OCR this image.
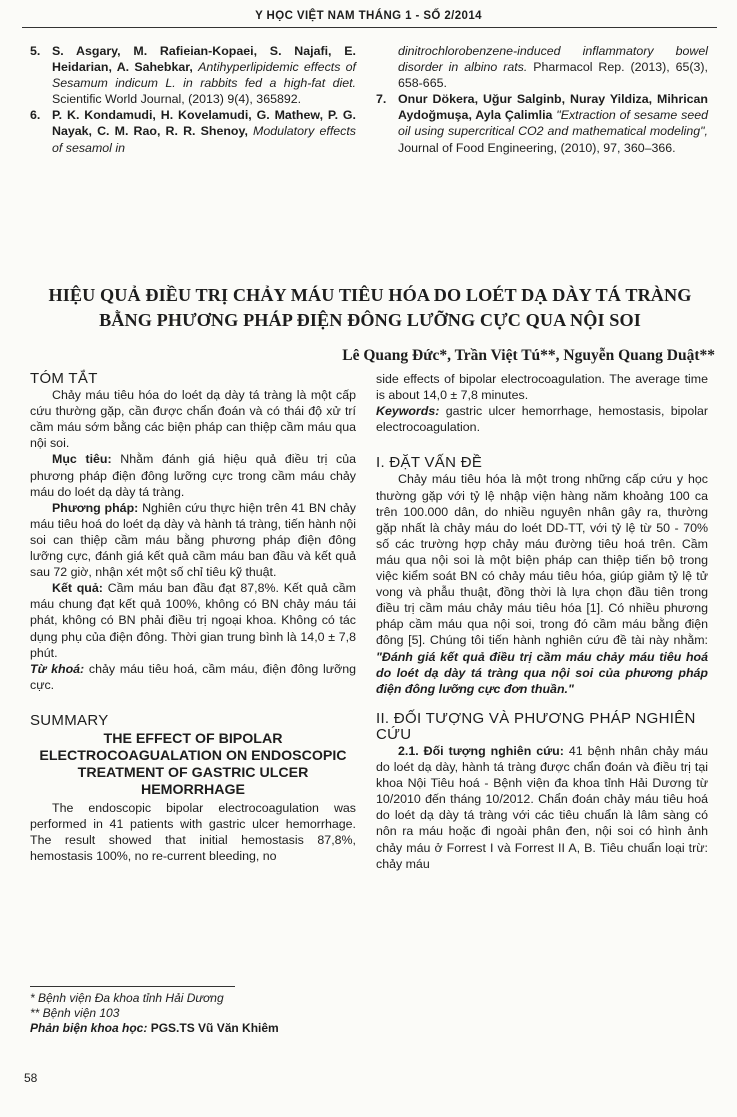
Y HỌC VIỆT NAM THÁNG 1 - SỐ 2/2014
5. S. Asgary, M. Rafieian-Kopaei, S. Najafi, E. Heidarian, A. Sahebkar, Antihyperlipidemic effects of Sesamum indicum L. in rabbits fed a high-fat diet. Scientific World Journal, (2013) 9(4), 365892.
6. P. K. Kondamudi, H. Kovelamudi, G. Mathew, P. G. Nayak, C. M. Rao, R. R. Shenoy, Modulatory effects of sesamol in
dinitrochlorobenzene-induced inflammatory bowel disorder in albino rats. Pharmacol Rep. (2013), 65(3), 658-665.
7. Onur Dökera, Uğur Salginb, Nuray Yildiza, Mihrican Aydoğmuşa, Ayla Çalimlia "Extraction of sesame seed oil using supercritical CO2 and mathematical modeling", Journal of Food Engineering, (2010), 97, 360–366.
HIỆU QUẢ ĐIỀU TRỊ CHẢY MÁU TIÊU HÓA DO LOÉT DẠ DÀY TÁ TRÀNG BẰNG PHƯƠNG PHÁP ĐIỆN ĐÔNG LƯỠNG CỰC QUA NỘI SOI
Lê Quang Đức*, Trần Việt Tú**, Nguyễn Quang Duật**
TÓM TẮT

Chảy máu tiêu hóa do loét dạ dày tá tràng là một cấp cứu thường gặp, cần được chẩn đoán và có thái độ xử trí cầm máu sớm bằng các biện pháp can thiệp cầm máu qua nội soi.

Mục tiêu: Nhằm đánh giá hiệu quả điều trị của phương pháp điện đông lưỡng cực trong cầm máu chảy máu do loét dạ dày tá tràng.

Phương pháp: Nghiên cứu thực hiện trên 41 BN chảy máu tiêu hoá do loét dạ dày và hành tá tràng, tiến hành nội soi can thiệp cầm máu bằng phương pháp điện đông lưỡng cực, đánh giá kết quả cầm máu ban đầu và kết quả sau 72 giờ, nhận xét một số chỉ tiêu kỹ thuật.

Kết quả: Cầm máu ban đầu đạt 87,8%. Kết quả cầm máu chung đạt kết quả 100%, không có BN chảy máu tái phát, không có BN phải điều trị ngoại khoa. Không có tác dụng phụ của điện đông. Thời gian trung bình là 14,0 ± 7,8 phút.

Từ khoá: chảy máu tiêu hoá, cầm máu, điện đông lưỡng cực.

SUMMARY
THE EFFECT OF BIPOLAR ELECTROCOAGUALATION ON ENDOSCOPIC TREATMENT OF GASTRIC ULCER HEMORRHAGE

The endoscopic bipolar electrocoagulation was performed in 41 patients with gastric ulcer hemorrhage. The result showed that initial hemostasis 87,8%, hemostasis 100%, no re-current bleeding, no

side effects of bipolar electrocoagulation. The average time is about 14,0 ± 7,8 minutes.

Keywords: gastric ulcer hemorrhage, hemostasis, bipolar electrocoagulation.

I. ĐẶT VẤN ĐỀ

Chảy máu tiêu hóa là một trong những cấp cứu y học thường gặp với tỷ lệ nhập viện hàng năm khoảng 100 ca trên 100.000 dân, do nhiều nguyên nhân gây ra, thường gặp nhất là chảy máu do loét DD-TT, với tỷ lệ từ 50 - 70% số các trường hợp chảy máu đường tiêu hoá trên. Cầm máu qua nội soi là một biện pháp can thiệp tiến bộ trong việc kiểm soát BN có chảy máu tiêu hóa, giúp giảm tỷ lệ tử vong và phẫu thuật, đồng thời là lựa chọn đầu tiên trong điều trị cầm máu chảy máu tiêu hóa [1]. Có nhiều phương pháp cầm máu qua nội soi, trong đó cầm máu bằng điện đông [5]. Chúng tôi tiến hành nghiên cứu đề tài này nhằm: "Đánh giá kết quả điều trị cầm máu chảy máu tiêu hoá do loét dạ dày tá tràng qua nội soi của phương pháp điện đông lưỡng cực đơn thuần."

II. ĐỐI TƯỢNG VÀ PHƯƠNG PHÁP NGHIÊN CỨU

2.1. Đối tượng nghiên cứu: 41 bệnh nhân chảy máu do loét dạ dày, hành tá tràng được chẩn đoán và điều trị tại khoa Nội Tiêu hoá - Bệnh viện đa khoa tỉnh Hải Dương từ 10/2010 đến tháng 10/2012. Chẩn đoán chảy máu tiêu hoá do loét dạ dày tá tràng với các tiêu chuẩn là lâm sàng có nôn ra máu hoặc đi ngoài phân đen, nội soi có hình ảnh chảy máu ở Forrest I và Forrest II A, B. Tiêu chuẩn loại trừ: chảy máu

* Bệnh viện Đa khoa tỉnh Hải Dương
** Bệnh viện 103
Phản biện khoa học: PGS.TS Vũ Văn Khiêm
58
